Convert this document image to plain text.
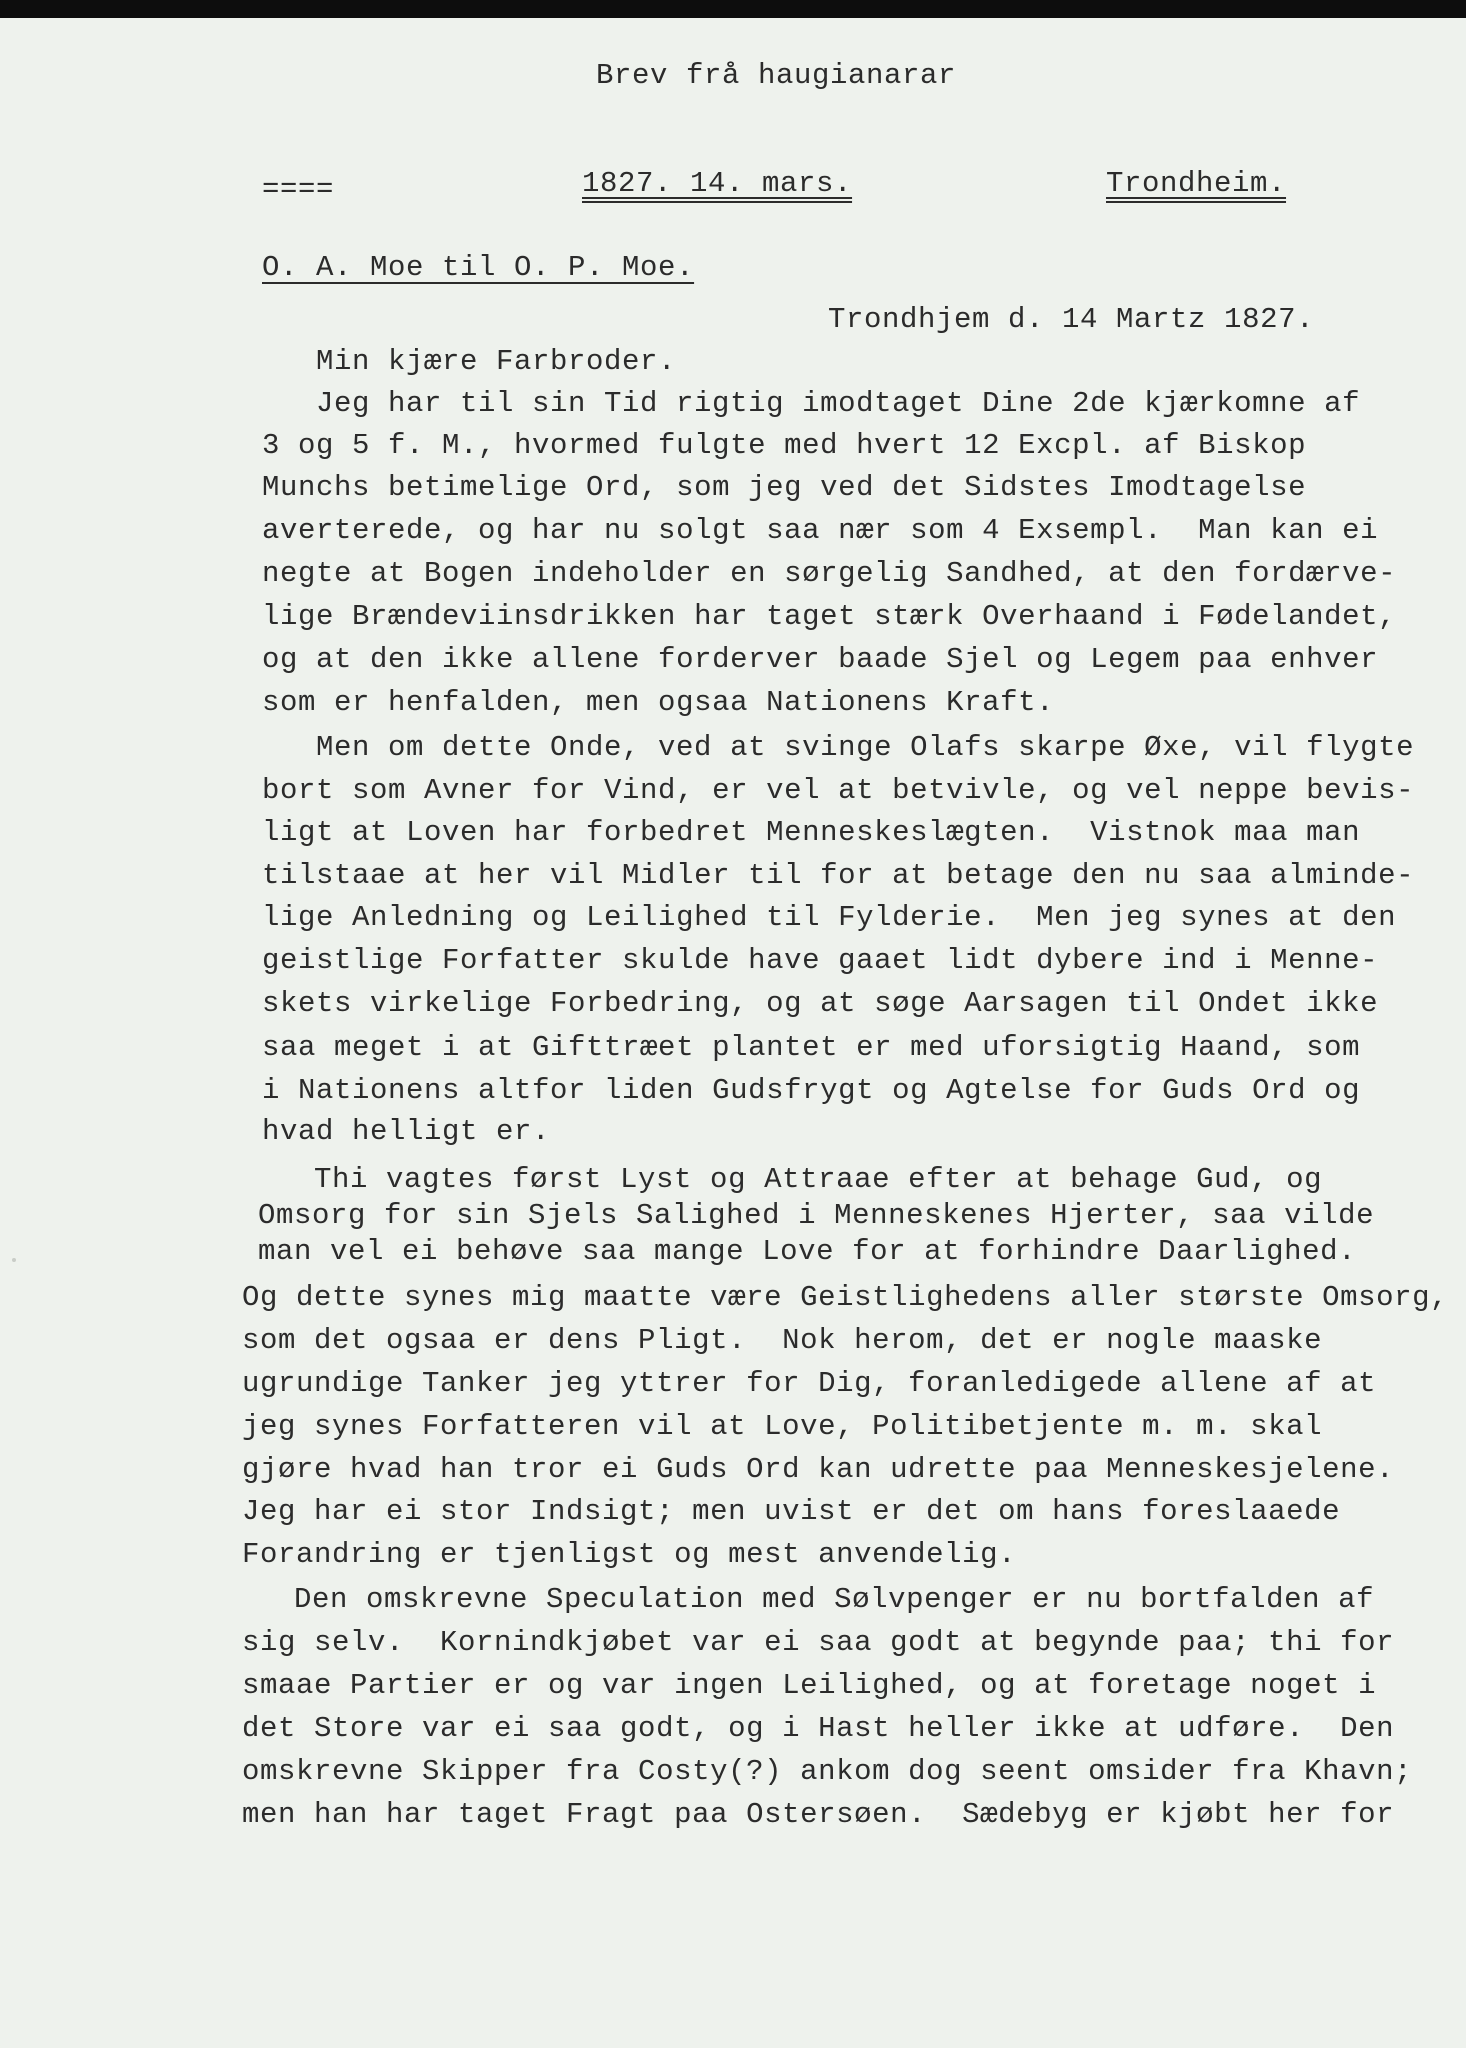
Brev frå haugianarar
====	1827. 14. mars.	Trondheim.
O. A. Moe til O. P. Moe.
Trondhjem d. 14 Martz 1827.
Min kjære Farbroder.
Jeg har til sin Tid rigtig imodtaget Dine 2de kjærkomne af
3 og 5 f. M., hvormed fulgte med hvert 12 Excpl. af Biskop
Munchs betimelige Ord, som jeg ved det Sidstes Imodtagelse
averterede, og har nu solgt saa nær som 4 Exsempl.  Man kan ei
negte at Bogen indeholder en sørgelig Sandhed, at den fordærve-
lige Brændeviinsdrikken har taget stærk Overhaand i Fødelandet,
og at den ikke allene forderver baade Sjel og Legem paa enhver
som er henfalden, men ogsaa Nationens Kraft.
Men om dette Onde, ved at svinge Olafs skarpe Øxe, vil flygte
bort som Avner for Vind, er vel at betvivle, og vel neppe bevis-
ligt at Loven har forbedret Menneskeslægten.  Vistnok maa man
tilstaae at her vil Midler til for at betage den nu saa alminde-
lige Anledning og Leilighed til Fylderie.  Men jeg synes at den
geistlige Forfatter skulde have gaaet lidt dybere ind i Menne-
skets virkelige Forbedring, og at søge Aarsagen til Ondet ikke
saa meget i at Gifttræet plantet er med uforsigtig Haand, som
i Nationens altfor liden Gudsfrygt og Agtelse for Guds Ord og
hvad helligt er.
Thi vagtes først Lyst og Attraae efter at behage Gud, og
Omsorg for sin Sjels Salighed i Menneskenes Hjerter, saa vilde
man vel ei behøve saa mange Love for at forhindre Daarlighed.
Og dette synes mig maatte være Geistlighedens aller største Omsorg,
som det ogsaa er dens Pligt.  Nok herom, det er nogle maaske
ugrundige Tanker jeg yttrer for Dig, foranledigede allene af at
jeg synes Forfatteren vil at Love, Politibetjente m. m. skal
gjøre hvad han tror ei Guds Ord kan udrette paa Menneskesjelene.
Jeg har ei stor Indsigt; men uvist er det om hans foreslaaede
Forandring er tjenligst og mest anvendelig.
Den omskrevne Speculation med Sølvpenger er nu bortfalden af
sig selv.  Kornindkjøbet var ei saa godt at begynde paa; thi for
smaae Partier er og var ingen Leilighed, og at foretage noget i
det Store var ei saa godt, og i Hast heller ikke at udføre.  Den
omskrevne Skipper fra Costy(?) ankom dog seent omsider fra Khavn;
men han har taget Fragt paa Ostersøen.  Sædebyg er kjøbt her for
